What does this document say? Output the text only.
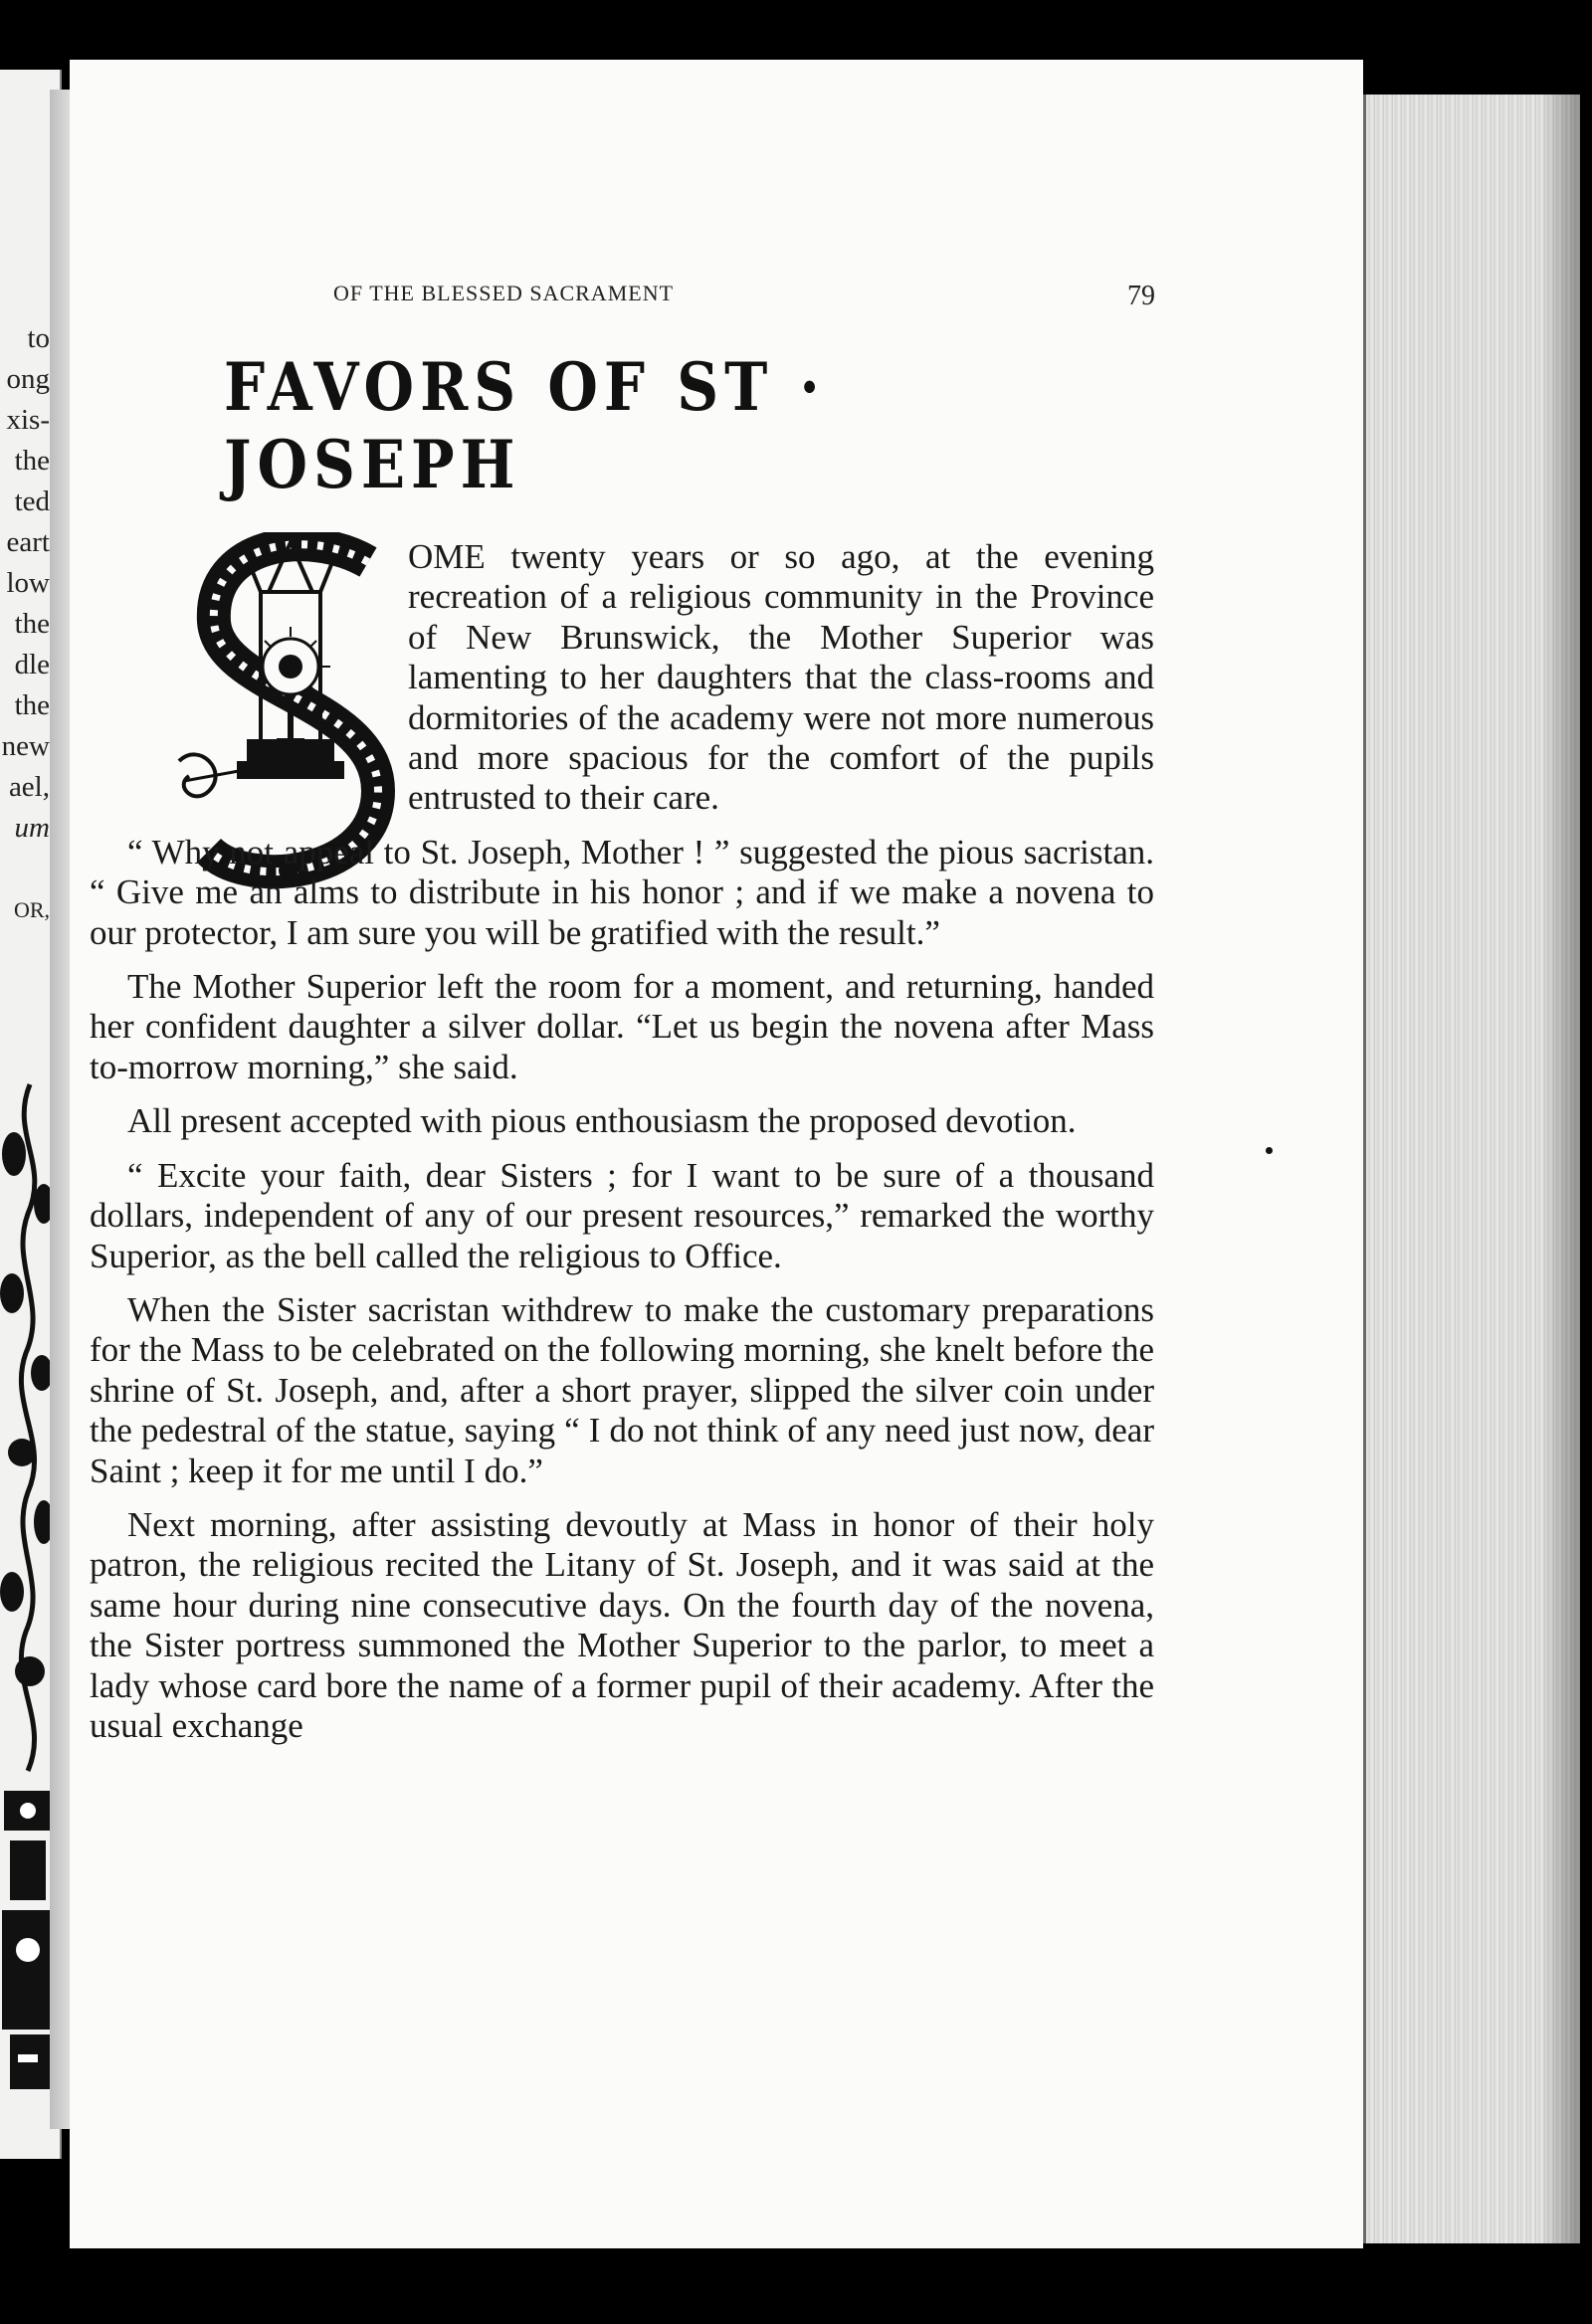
to
ong
xis-
the
ted
eart
low
the
dle
the
new
ael,
um
OR,
OF THE BLESSED SACRAMENT	79
FAVORS OF ST · JOSEPH

OME twenty years or so ago, at the evening recreation of a religious community in the Province of New Brunswick, the Mother Superior was lamenting to her daughters that the class-rooms and dormitories of the academy were not more numerous and more spacious for the comfort of the pupils entrusted to their care.

“ Why not appeal to St. Joseph, Mother ! ” suggested the pious sacristan. “ Give me an alms to distribute in his honor ; and if we make a novena to our protector, I am sure you will be gratified with the result.”

The Mother Superior left the room for a moment, and returning, handed her confident daughter a silver dollar. “Let us begin the novena after Mass to-morrow morning,” she said.

All present accepted with pious enthousiasm the proposed devotion.

“ Excite your faith, dear Sisters ; for I want to be sure of a thousand dollars, independent of any of our present resources,” remarked the worthy Superior, as the bell called the religious to Office.

When the Sister sacristan withdrew to make the customary preparations for the Mass to be celebrated on the following morning, she knelt before the shrine of St. Joseph, and, after a short prayer, slipped the silver coin under the pedestral of the statue, saying “ I do not think of any need just now, dear Saint ; keep it for me until I do.”

Next morning, after assisting devoutly at Mass in honor of their holy patron, the religious recited the Litany of St. Joseph, and it was said at the same hour during nine consecutive days. On the fourth day of the novena, the Sister portress summoned the Mother Superior to the parlor, to meet a lady whose card bore the name of a former pupil of their academy. After the usual exchange
